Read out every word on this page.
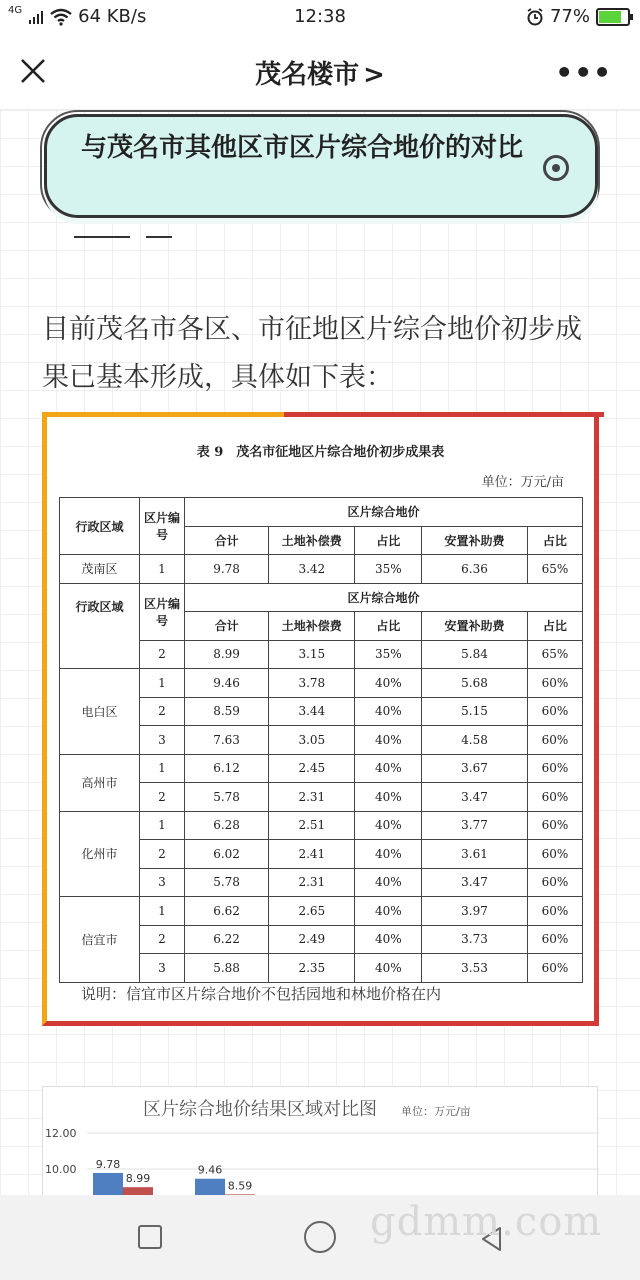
4G	64 KB/s	12:38	77%
茂名楼市 >	•••
与茂名市其他区市区片综合地价的对比

目前茂名市各区、市征地区片综合地价初步成果已基本形成，具体如下表：

表 9　茂名市征地区片综合地价初步成果表
单位：万元/亩
行政区域	区片编号	区片综合地价				
		合计	土地补偿费	占比	安置补助费	占比
茂南区	1	9.78	3.42	35%	6.36	65%
行政区域	区片编号	区片综合地价				
		合计	土地补偿费	占比	安置补助费	占比
	2	8.99	3.15	35%	5.84	65%
电白区	1	9.46	3.78	40%	5.68	60%
	2	8.59	3.44	40%	5.15	60%
	3	7.63	3.05	40%	4.58	60%
高州市	1	6.12	2.45	40%	3.67	60%
	2	5.78	2.31	40%	3.47	60%
化州市	1	6.28	2.51	40%	3.77	60%
	2	6.02	2.41	40%	3.61	60%
	3	5.78	2.31	40%	3.47	60%
信宜市	1	6.62	2.65	40%	3.97	60%
	2	6.22	2.49	40%	3.73	60%
	3	5.88	2.35	40%	3.53	60%
说明：信宜市区片综合地价不包括园地和林地价格在内
区片综合地价结果区域对比图 单位：万元/亩
12.00
10.00 9.78
8.99
9.46
8.59
gdmm.com
